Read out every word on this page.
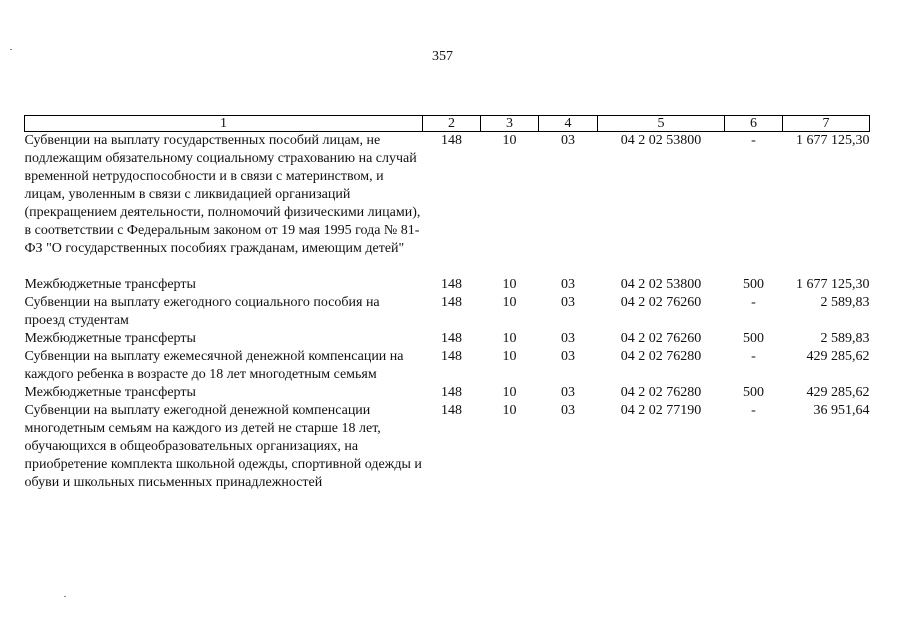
357

1	2	3	4	5	6	7
Субвенции на выплату государственных пособий лицам, не подлежащим обязательному социальному страхованию на случай временной нетрудоспособности и в связи с материнством, и лицам, уволенным в связи с ликвидацией организаций (прекращением деятельности, полномочий физическими лицами), в соответствии с Федеральным законом от 19 мая 1995 года № 81-ФЗ "О государственных пособиях гражданам, имеющим детей"	148	10	03	04 2 02 53800	-	1 677 125,30

Межбюджетные трансферты	148	10	03	04 2 02 53800	500	1 677 125,30
Субвенции на выплату ежегодного социального пособия на проезд студентам	148	10	03	04 2 02 76260	-	2 589,83
Межбюджетные трансферты	148	10	03	04 2 02 76260	500	2 589,83
Субвенции на выплату ежемесячной денежной компенсации на каждого ребенка в возрасте до 18 лет многодетным семьям	148	10	03	04 2 02 76280	-	429 285,62
Межбюджетные трансферты	148	10	03	04 2 02 76280	500	429 285,62
Субвенции на выплату ежегодной денежной компенсации многодетным семьям на каждого из детей не старше 18 лет, обучающихся в общеобразовательных организациях, на приобретение комплекта школьной одежды, спортивной одежды и обуви и школьных письменных принадлежностей	148	10	03	04 2 02 77190	-	36 951,64
